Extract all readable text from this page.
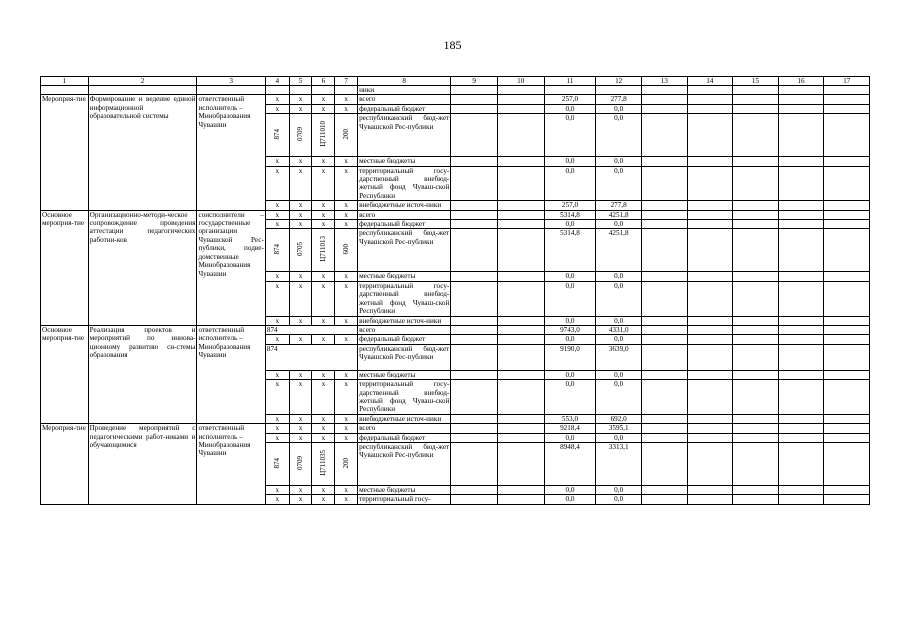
185
1	2	3	4	5	6	7	8	9	10	11	12	13	14	15	16	17
							ники									
Мероприя-тие	Формирование и ведение единой информационной образовательной системы	ответственный исполнитель – Минобразования Чувашии	х	х	х	х	всего			257,0	277,8					
			х	х	х	х	федеральный бюджет			0,0	0,0					
			874	0709	Ц711010	200	республиканский бюд-жет Чувашской Рес-публики			0,0	0,0					
			х	х	х	х	местные бюджеты			0,0	0,0					
			х	х	х	х	территориальный госу-дарственный внебюд-жетный фонд Чуваш-ской Республики			0,0	0,0					
			х	х	х	х	внебюджетные источ-ники			257,0	277,8					
Основное мероприя-тие	Организационно-методи-ческое сопровождение проведения аттестации педагогических работни-ков	соисполнители – государственные организации Чувашской Рес-публики, подве-домственные Минобразования Чувашии	х	х	х	х	всего			5314,8	4251,8					
			х	х	х	х	федеральный бюджет			0,0	0,0					
			874	0705	Ц711013	600	республиканский бюд-жет Чувашской Рес-публики			5314,8	4251,8					
			х	х	х	х	местные бюджеты			0,0	0,0					
			х	х	х	х	территориальный госу-дарственный внебюд-жетный фонд Чуваш-ской Республики			0,0	0,0					
			х	х	х	х	внебюджетные источ-ники			0,0	0,0					
Основное мероприя-тие	Реализация проектов и мероприятий по иннова-ционному развитию си-стемы образования	ответственный исполнитель – Минобразования Чувашии	874				всего			9743,0	4331,0					
			х	х	х	х	федеральный бюджет			0,0	0,0					
			874				республиканский бюд-жет Чувашской Рес-публики			9190,0	3639,0					
			х	х	х	х	местные бюджеты			0,0	0,0					
			х	х	х	х	территориальный госу-дарственный внебюд-жетный фонд Чуваш-ской Республики			0,0	0,0					
			х	х	х	х	внебюджетные источ-ники			553,0	692,0					
Мероприя-тие	Проведение мероприятий с педагогическими работ-никами и обучающимися	ответственный исполнитель – Минобразования Чувашии	х	х	х	х	всего			9218,4	3595,1					
			х	х	х	х	федеральный бюджет			0,0	0,0					
			874	0709	Ц711035	200	республиканский бюд-жет Чувашской Рес-публики			8948,4	3313,1					
			х	х	х	х	местные бюджеты			0,0	0,0					
			х	х	х	х	территориальный госу-			0,0	0,0					
